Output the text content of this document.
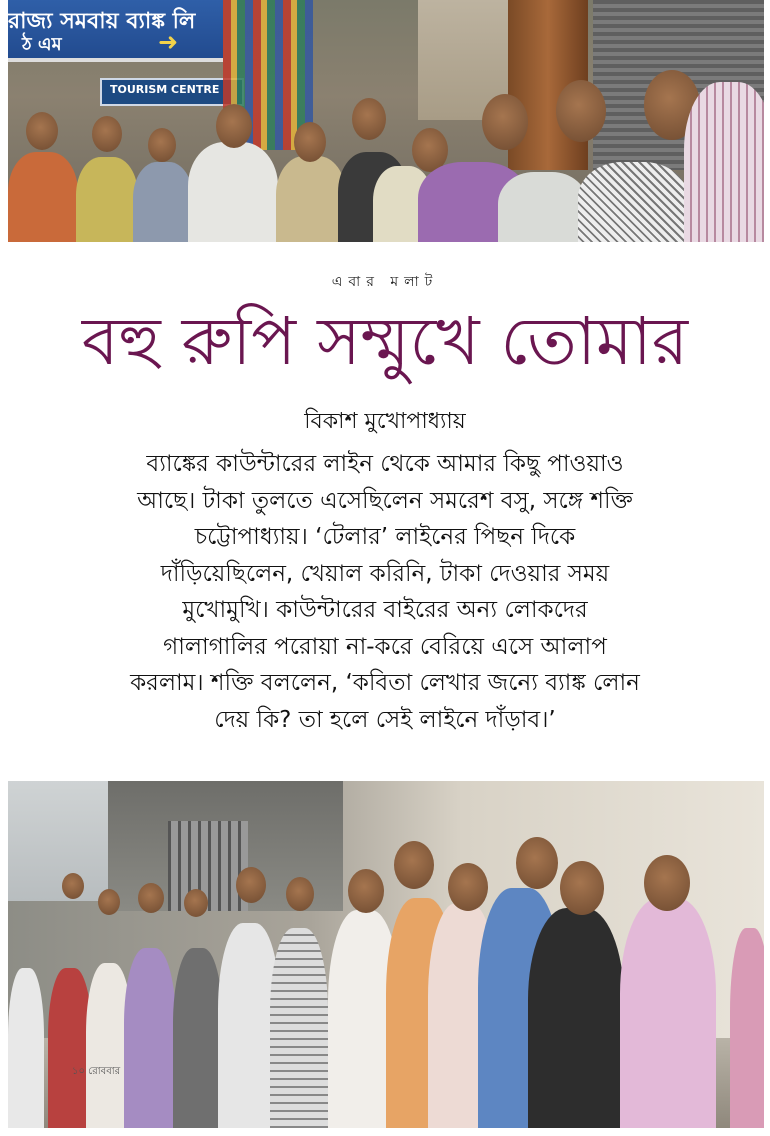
রাজ্য সমবায় ব্যাঙ্ক লি
ঠ এম	➜
TOURISM CENTRE
এবার মলাট
বহু রুপি সম্মুখে তোমার
বিকাশ মুখোপাধ্যায়
ব্যাঙ্কের কাউন্টারের লাইন থেকে আমার কিছু পাওয়াও
আছে। টাকা তুলতে এসেছিলেন সমরেশ বসু, সঙ্গে শক্তি
চট্টোপাধ্যায়। ‘টেলার’ লাইনের পিছন দিকে
দাঁড়িয়েছিলেন, খেয়াল করিনি, টাকা দেওয়ার সময়
মুখোমুখি। কাউন্টারের বাইরের অন্য লোকদের
গালাগালির পরোয়া না-করে বেরিয়ে এসে আলাপ
করলাম। শক্তি বললেন, ‘কবিতা লেখার জন্যে ব্যাঙ্ক লোন
দেয় কি? তা হলে সেই লাইনে দাঁড়াব।’
১০ রোববার
